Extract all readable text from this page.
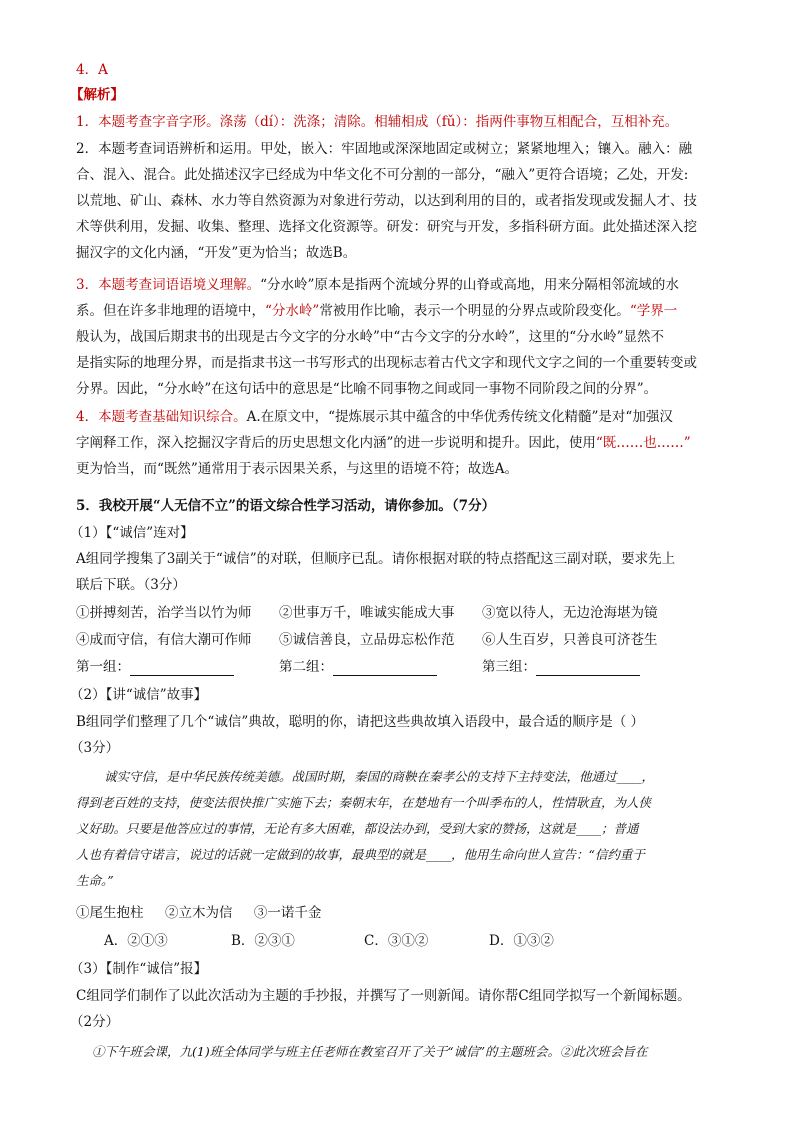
4．A
【解析】
1．本题考查字音字形。涤荡（dí）：洗涤；清除。相辅相成（fǔ）：指两件事物互相配合，互相补充。
2．本题考查词语辨析和运用。甲处，嵌入：牢固地或深深地固定或树立；紧紧地埋入；镶入。融入：融
合、混入、混合。此处描述汉字已经成为中华文化不可分割的一部分，“融入”更符合语境；乙处，开发:
以荒地、矿山、森林、水力等自然资源为对象进行劳动，以达到利用的目的，或者指发现或发掘人才、技
术等供利用，发掘、收集、整理、选择文化资源等。研发：研究与开发，多指科研方面。此处描述深入挖
掘汉字的文化内涵，“开发”更为恰当；故选B。
3．本题考查词语语境义理解。“分水岭”原本是指两个流域分界的山脊或高地，用来分隔相邻流域的水
系。但在许多非地理的语境中，“分水岭”常被用作比喻，表示一个明显的分界点或阶段变化。“学界一
般认为，战国后期隶书的出现是古今文字的分水岭”中“古今文字的分水岭”，这里的“分水岭”显然不
是指实际的地理分界，而是指隶书这一书写形式的出现标志着古代文字和现代文字之间的一个重要转变或
分界。因此，“分水岭”在这句话中的意思是“比喻不同事物之间或同一事物不同阶段之间的分界”。
4．本题考查基础知识综合。A.在原文中，“提炼展示其中蕴含的中华优秀传统文化精髓”是对“加强汉
字阐释工作，深入挖掘汉字背后的历史思想文化内涵”的进一步说明和提升。因此，使用“既……也……”
更为恰当，而“既然”通常用于表示因果关系，与这里的语境不符；故选A。
5．我校开展“人无信不立”的语文综合性学习活动，请你参加。（7分）
（1）【“诚信”连对】
A组同学搜集了3副关于“诚信”的对联，但顺序已乱。请你根据对联的特点搭配这三副对联，要求先上
联后下联。（3分）
①拼搏刻苦，治学当以竹为师 ②世事万千，唯诚实能成大事 ③宽以待人，无边沧海堪为镜
④成而守信，有信大潮可作师 ⑤诚信善良，立品毋忘松作范 ⑥人生百岁，只善良可济苍生
第一组：	第二组：	第三组：
（2）【讲“诚信”故事】
B组同学们整理了几个“诚信”典故，聪明的你，请把这些典故填入语段中，最合适的顺序是（ ）
（3分）
诚实守信，是中华民族传统美德。战国时期，秦国的商鞅在秦孝公的支持下主持变法，他通过____，
得到老百姓的支持，使变法很快推广实施下去；秦朝末年，在楚地有一个叫季布的人，性情耿直，为人侠
义好助。只要是他答应过的事情，无论有多大困难，都设法办到，受到大家的赞扬，这就是____；普通
人也有着信守诺言，说过的话就一定做到的故事，最典型的就是____，他用生命向世人宣告：“信约重于
生命。”
①尾生抱柱     ②立木为信     ③一诺千金
A．②①③	B．②③①	C．③①②	D．①③②
（3）【制作“诚信”报】
C组同学们制作了以此次活动为主题的手抄报，并撰写了一则新闻。请你帮C组同学拟写一个新闻标题。
（2分）
①下午班会课，九(1)班全体同学与班主任老师在教室召开了关于“诚信”的主题班会。②此次班会旨在
